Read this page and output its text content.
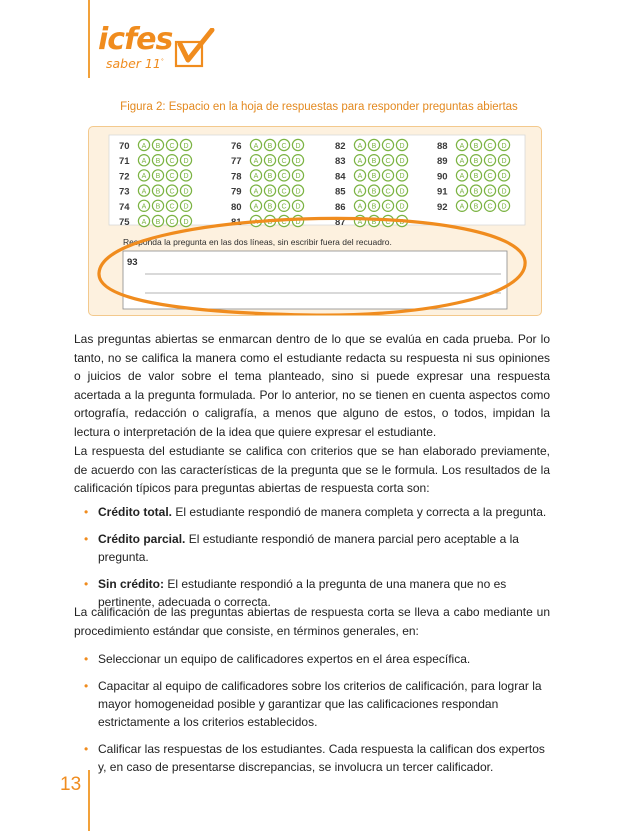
icfes
saber 11°
Figura 2: Espacio en la hoja de respuestas para responder preguntas abiertas
70 A B C D
71 A B C D
72 A B C D
73 A B C D
74 A B C D
75 A B C D
76 A B C D
77 A B C D
78 A B C D
79 A B C D
80 A B C D
81 A B C D
82 A B C D
83 A B C D
84 A B C D
85 A B C D
86 A B C D
87 A B C D
88 A B C D
89 A B C D
90 A B C D
91 A B C D
92 A B C D
Responda la pregunta en las dos líneas, sin escribir fuera del recuadro.
93

Las preguntas abiertas se enmarcan dentro de lo que se evalúa en cada prueba. Por lo tanto, no se califica la manera como el estudiante redacta su respuesta ni sus opiniones o juicios de valor sobre el tema planteado, sino si puede expresar una respuesta acertada a la pregunta formulada. Por lo anterior, no se tienen en cuenta aspectos como ortografía, redacción o caligrafía, a menos que alguno de estos, o todos, impidan la lectura o interpretación de la idea que quiere expresar el estudiante.

La respuesta del estudiante se califica con criterios que se han elaborado previamente, de acuerdo con las características de la pregunta que se le formula. Los resultados de la calificación típicos para preguntas abiertas de respuesta corta son:

• Crédito total. El estudiante respondió de manera completa y correcta a la pregunta.

• Crédito parcial. El estudiante respondió de manera parcial pero aceptable a la pregunta.

• Sin crédito: El estudiante respondió a la pregunta de una manera que no es pertinente, adecuada o correcta.

La calificación de las preguntas abiertas de respuesta corta se lleva a cabo mediante un procedimiento estándar que consiste, en términos generales, en:

• Seleccionar un equipo de calificadores expertos en el área específica.

• Capacitar al equipo de calificadores sobre los criterios de calificación, para lograr la mayor homogeneidad posible y garantizar que las calificaciones respondan estrictamente a los criterios establecidos.

• Calificar las respuestas de los estudiantes. Cada respuesta la califican dos expertos y, en caso de presentarse discrepancias, se involucra un tercer calificador.

13
